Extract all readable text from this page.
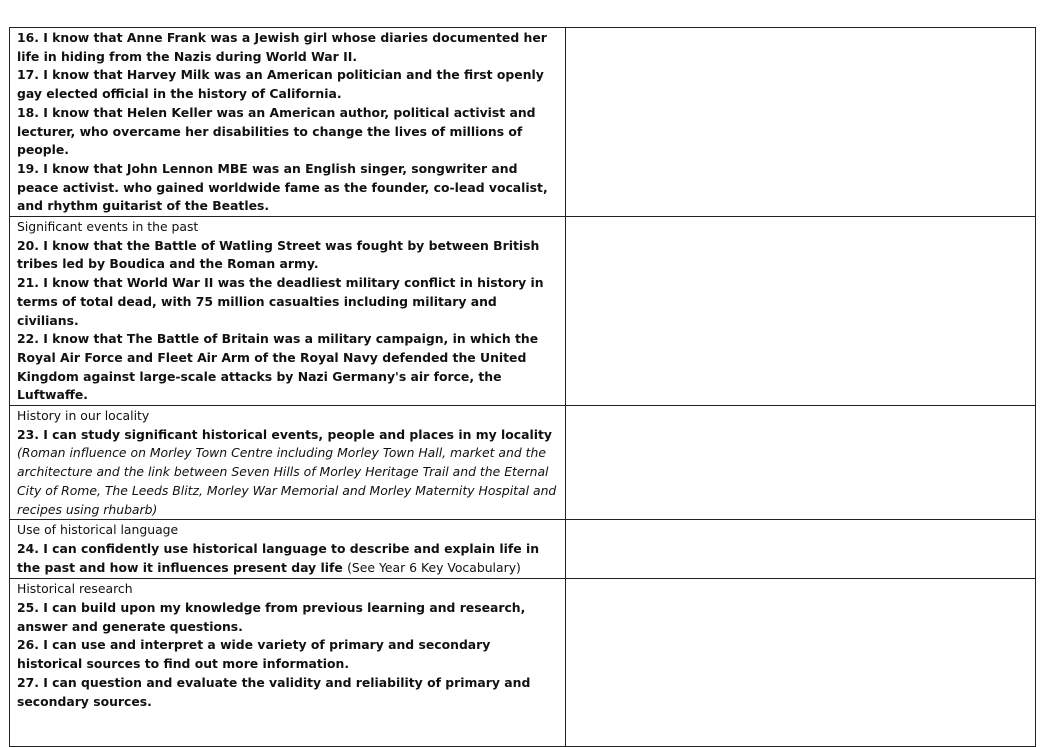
16. I know that Anne Frank was a Jewish girl whose diaries documented her life in hiding from the Nazis during World War II.

17. I know that Harvey Milk was an American politician and the first openly gay elected official in the history of California.

18. I know that Helen Keller was an American author, political activist and lecturer, who overcame her disabilities to change the lives of millions of people.

19. I know that John Lennon MBE was an English singer, songwriter and peace activist. who gained worldwide fame as the founder, co-lead vocalist, and rhythm guitarist of the Beatles.	

Significant events in the past

20. I know that the Battle of Watling Street was fought by between British tribes led by Boudica and the Roman army.

21. I know that World War II was the deadliest military conflict in history in terms of total dead, with 75 million casualties including military and civilians.

22. I know that The Battle of Britain was a military campaign, in which the Royal Air Force and Fleet Air Arm of the Royal Navy defended the United Kingdom against large-scale attacks by Nazi Germany's air force, the Luftwaffe.	

History in our locality

23. I can study significant historical events, people and places in my locality

(Roman influence on Morley Town Centre including Morley Town Hall, market and the architecture and the link between Seven Hills of Morley Heritage Trail and the Eternal City of Rome, The Leeds Blitz, Morley War Memorial and Morley Maternity Hospital and recipes using rhubarb)	

Use of historical language

24. I can confidently use historical language to describe and explain life in the past and how it influences present day life (See Year 6 Key Vocabulary)	

Historical research

25. I can build upon my knowledge from previous learning and research, answer and generate questions.

26. I can use and interpret a wide variety of primary and secondary historical sources to find out more information.

27. I can question and evaluate the validity and reliability of primary and secondary sources.	
